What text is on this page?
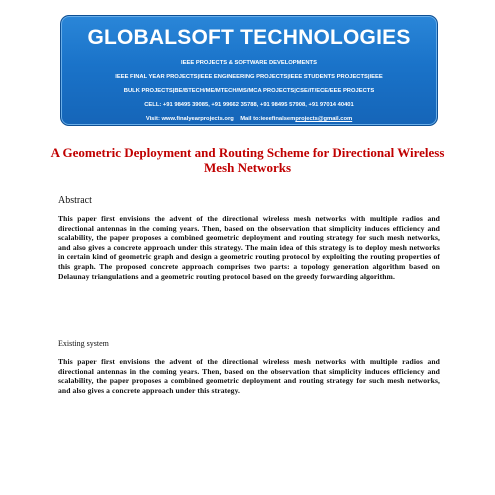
GLOBALSOFT TECHNOLOGIES
IEEE PROJECTS & SOFTWARE DEVELOPMENTS
IEEE FINAL YEAR PROJECTS|IEEE ENGINEERING PROJECTS|IEEE STUDENTS PROJECTS|IEEE
BULK PROJECTS|BE/BTECH/ME/MTECH/MS/MCA PROJECTS|CSE/IT/ECE/EEE PROJECTS
CELL: +91 98495 39085, +91 99662 35788, +91 98495 57908, +91 97014 40401
Visit: www.finalyearprojects.org Mail to:ieeefinalsemprojects@gmail.com
A Geometric Deployment and Routing Scheme for Directional Wireless Mesh Networks
Abstract
This paper first envisions the advent of the directional wireless mesh networks with multiple radios and directional antennas in the coming years. Then, based on the observation that simplicity induces efficiency and scalability, the paper proposes a combined geometric deployment and routing strategy for such mesh networks, and also gives a concrete approach under this strategy. The main idea of this strategy is to deploy mesh networks in certain kind of geometric graph and design a geometric routing protocol by exploiting the routing properties of this graph. The proposed concrete approach comprises two parts: a topology generation algorithm based on Delaunay triangulations and a geometric routing protocol based on the greedy forwarding algorithm.
Existing system
This paper first envisions the advent of the directional wireless mesh networks with multiple radios and directional antennas in the coming years. Then, based on the observation that simplicity induces efficiency and scalability, the paper proposes a combined geometric deployment and routing strategy for such mesh networks, and also gives a concrete approach under this strategy.
